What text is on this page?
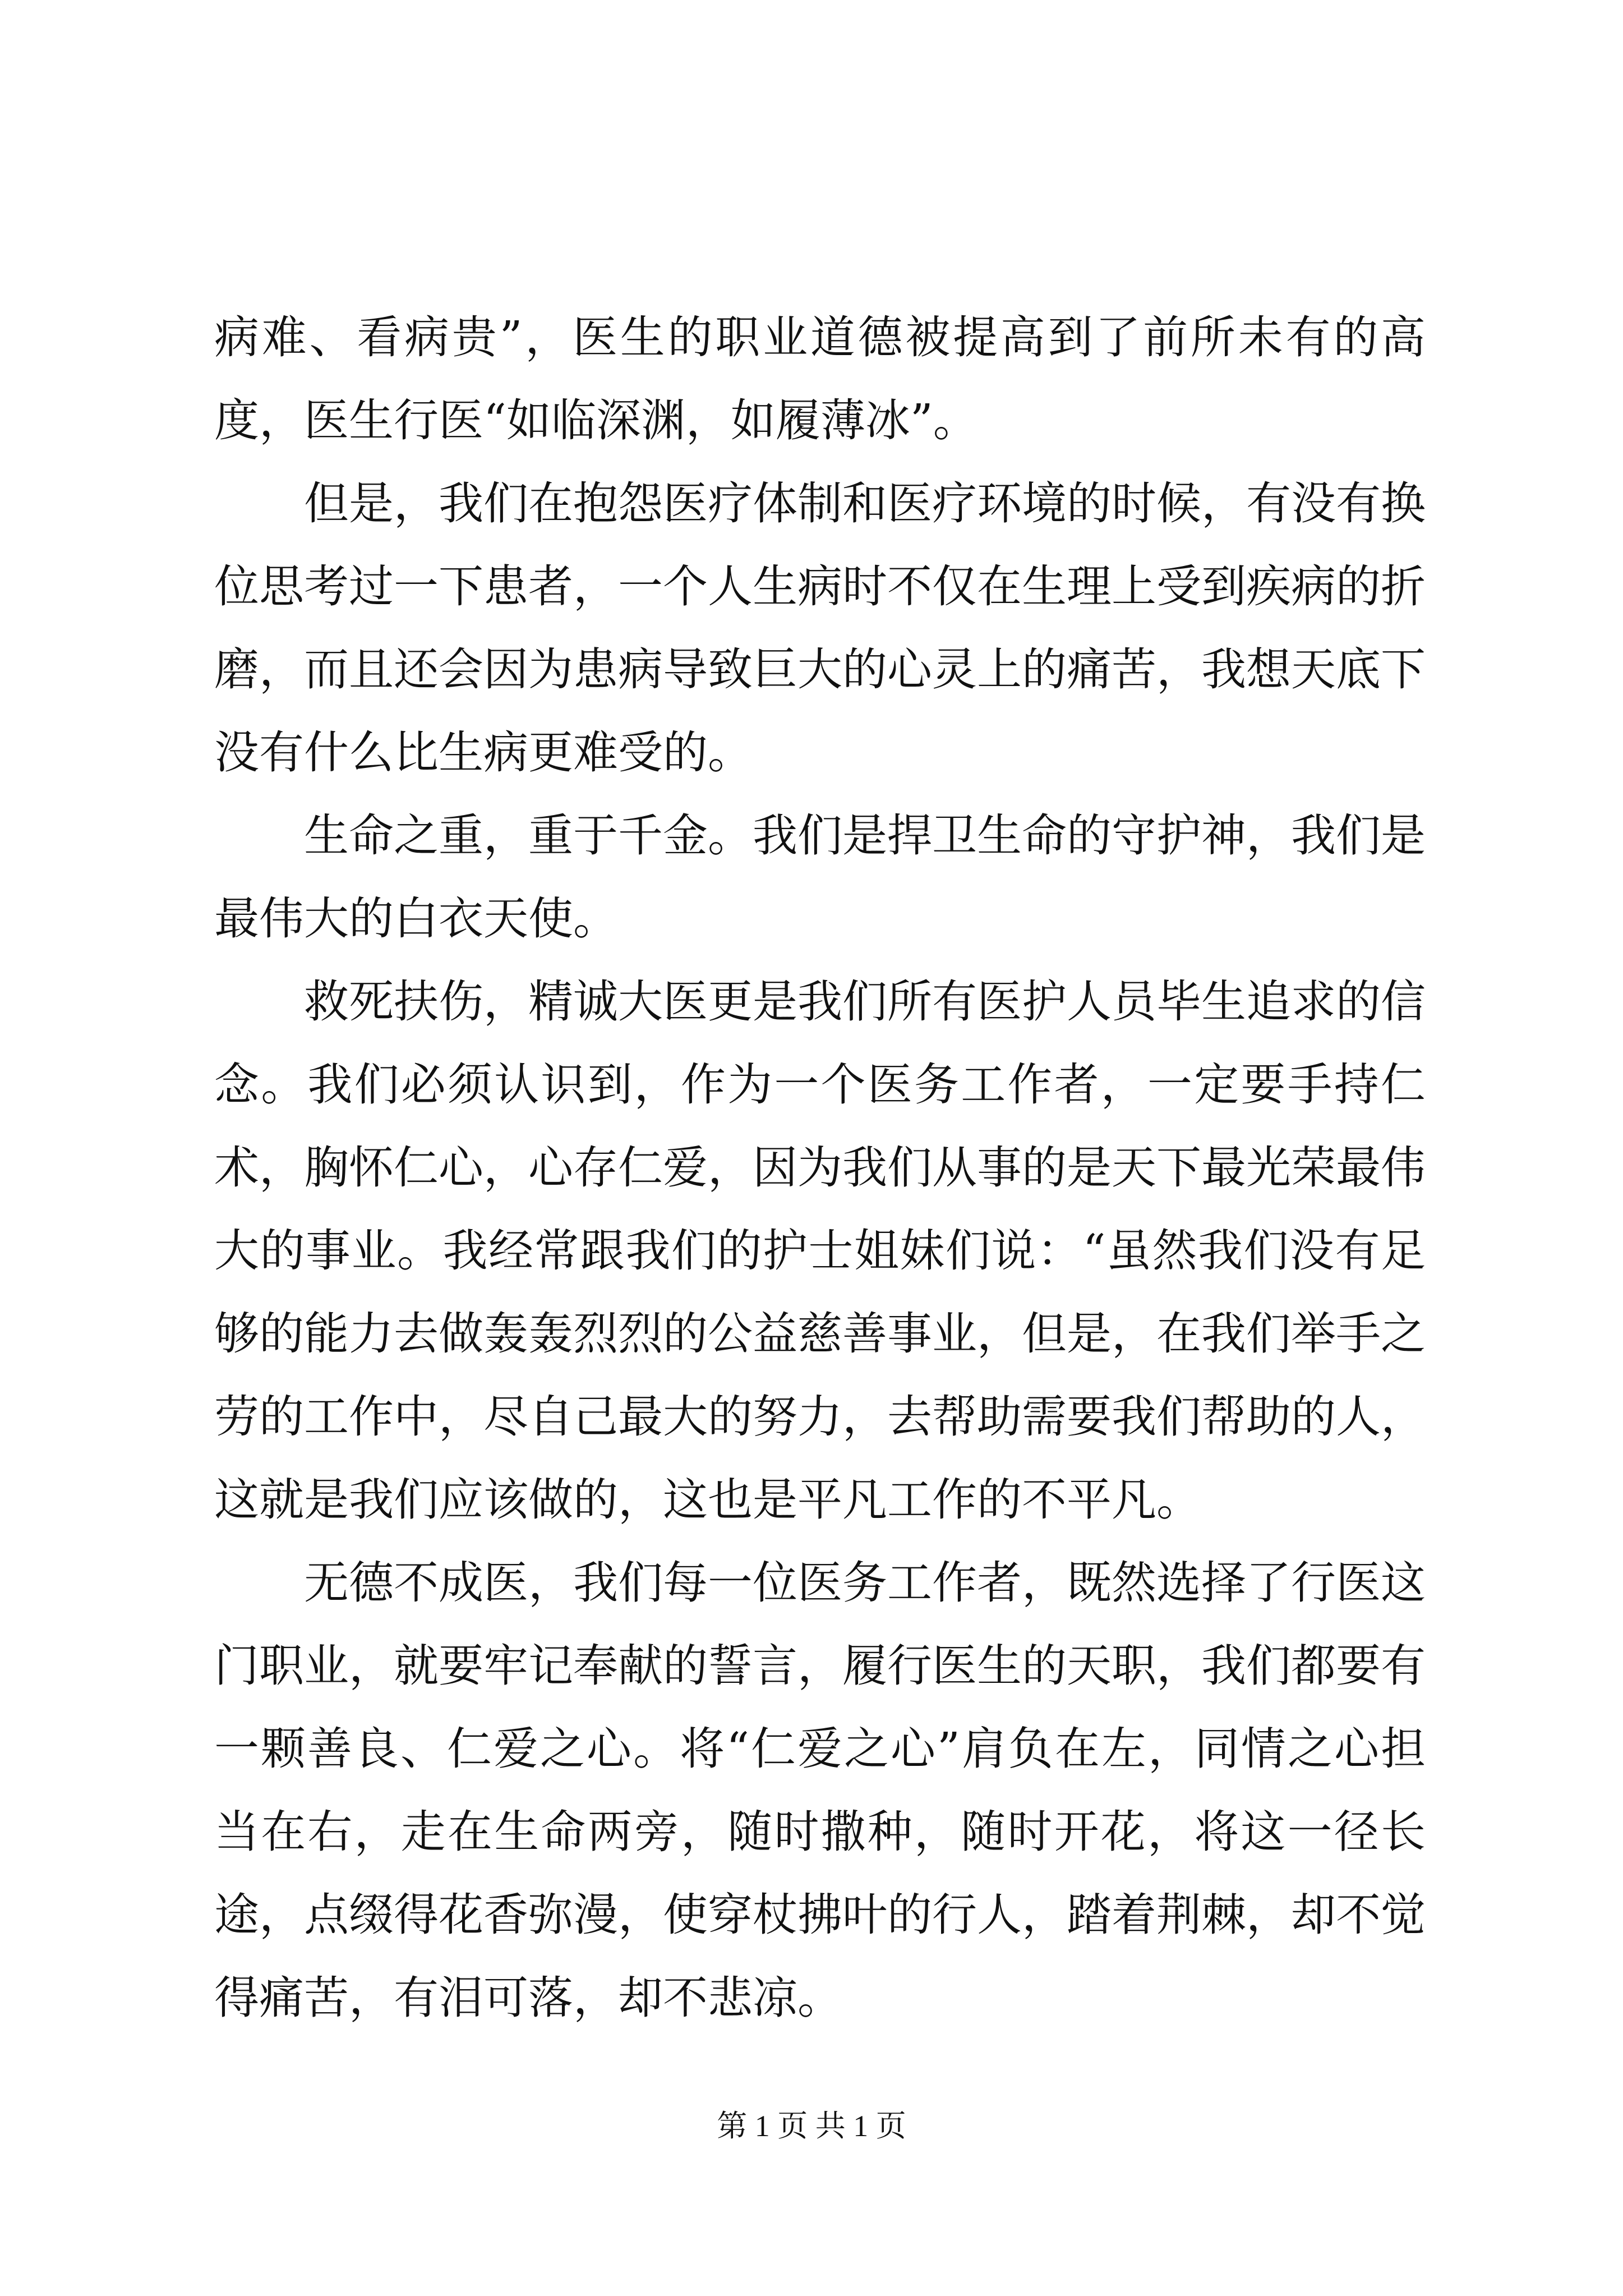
病难、看病贵”，医生的职业道德被提高到了前所未有的高度，医生行医“如临深渊，如履薄冰”。

但是，我们在抱怨医疗体制和医疗环境的时候，有没有换位思考过一下患者，一个人生病时不仅在生理上受到疾病的折磨，而且还会因为患病导致巨大的心灵上的痛苦，我想天底下没有什么比生病更难受的。

生命之重，重于千金。我们是捍卫生命的守护神，我们是最伟大的白衣天使。

救死扶伤，精诚大医更是我们所有医护人员毕生追求的信念。我们必须认识到，作为一个医务工作者，一定要手持仁术，胸怀仁心，心存仁爱，因为我们从事的是天下最光荣最伟大的事业。我经常跟我们的护士姐妹们说：“虽然我们没有足够的能力去做轰轰烈烈的公益慈善事业，但是，在我们举手之劳的工作中，尽自己最大的努力，去帮助需要我们帮助的人，这就是我们应该做的，这也是平凡工作的不平凡。

无德不成医，我们每一位医务工作者，既然选择了行医这门职业，就要牢记奉献的誓言，履行医生的天职，我们都要有一颗善良、仁爱之心。将“仁爱之心”肩负在左，同情之心担当在右，走在生命两旁，随时撒种，随时开花，将这一径长途，点缀得花香弥漫，使穿杖拂叶的行人，踏着荆棘，却不觉得痛苦，有泪可落，却不悲凉。

第 1 页 共 1 页
